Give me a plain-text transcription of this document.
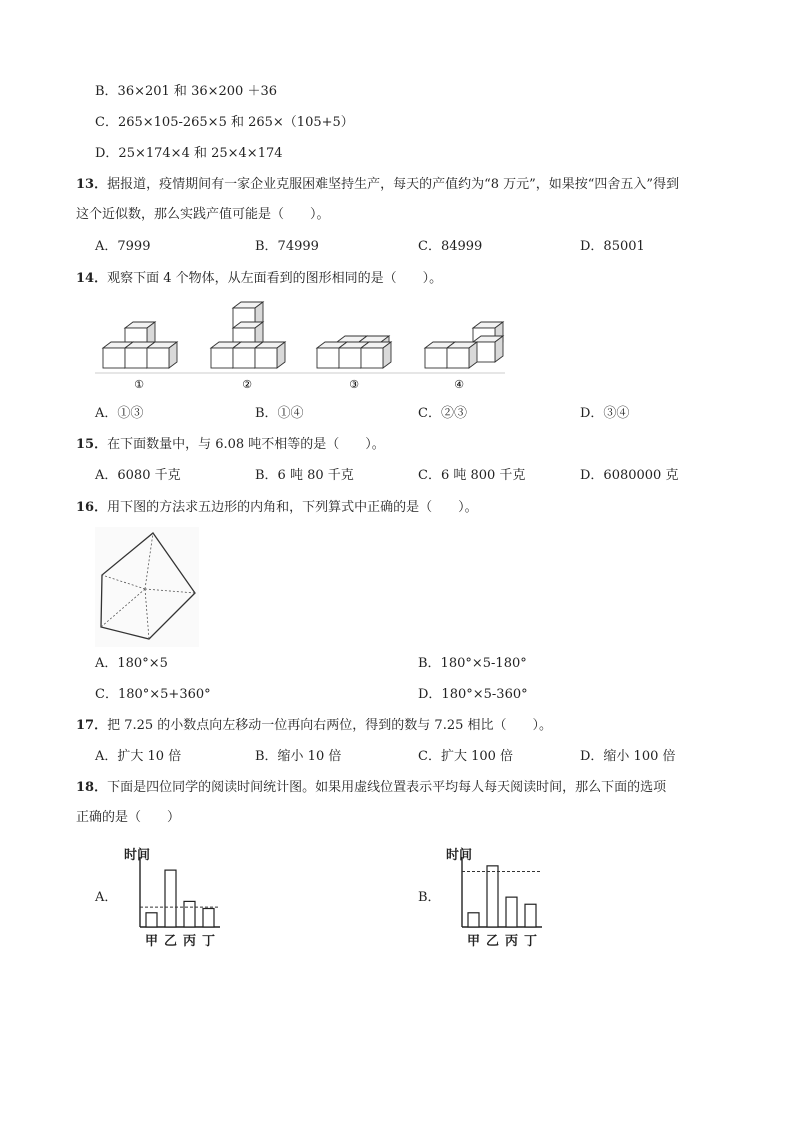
B．36×201 和 36×200 ＋36
C．265×105-265×5 和 265×（105+5）
D．25×174×4 和 25×4×174
13．据报道，疫情期间有一家企业克服困难坚持生产，每天的产值约为“8 万元”，如果按“四舍五入”得到
这个近似数，那么实践产值可能是（　　）。
A．7999	B．74999	C．84999	D．85001
14．观察下面 4 个物体，从左面看到的图形相同的是（　　）。
①	②	③	④
A．①③	B．①④	C．②③	D．③④
15．在下面数量中，与 6.08 吨不相等的是（　　）。
A．6080 千克	B．6 吨 80 千克	C．6 吨 800 千克	D．6080000 克
16．用下图的方法求五边形的内角和，下列算式中正确的是（　　）。
A．180°×5	B．180°×5-180°
C．180°×5+360°	D．180°×5-360°
17．把 7.25 的小数点向左移动一位再向右两位，得到的数与 7.25 相比（　　）。
A．扩大 10 倍	B．缩小 10 倍	C．扩大 100 倍	D．缩小 100 倍
18．下面是四位同学的阅读时间统计图。如果用虚线位置表示平均每人每天阅读时间，那么下面的选项
正确的是（　　）
A．	B．
时间
甲 乙 丙 丁
时间
甲 乙 丙 丁
